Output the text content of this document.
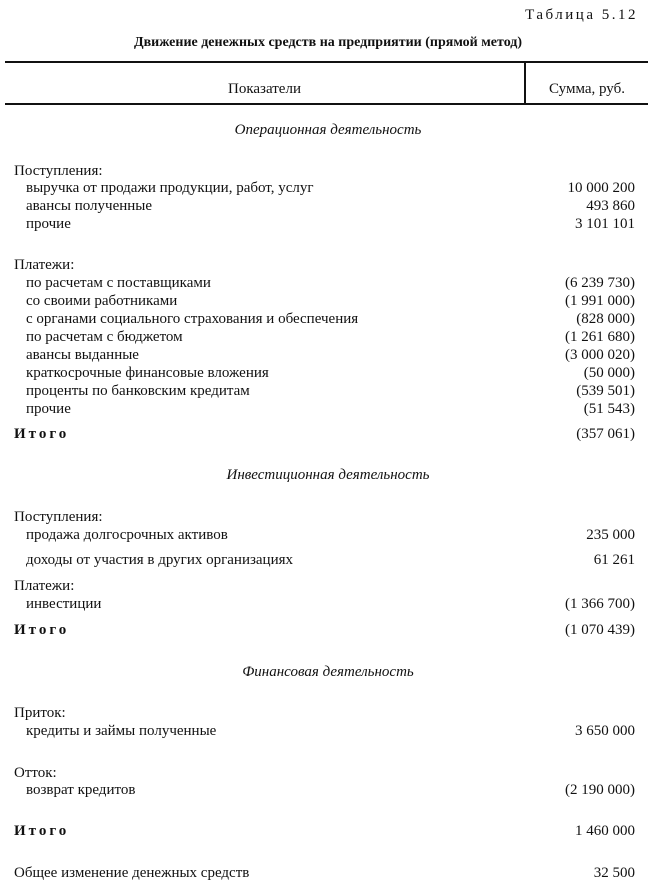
Таблица 5.12
Движение денежных средств на предприятии (прямой метод)
Показатели	Сумма, руб.
Операционная деятельность
Поступления:
выручка от продажи продукции, работ, услуг	10 000 200
авансы полученные	493 860
прочие	3 101 101
Платежи:
по расчетам с поставщиками	(6 239 730)
со своими работниками	(1 991 000)
с органами социального страхования и обеспечения	(828 000)
по расчетам с бюджетом	(1 261 680)
авансы выданные	(3 000 020)
краткосрочные финансовые вложения	(50 000)
проценты по банковским кредитам	(539 501)
прочие	(51 543)
Итого	(357 061)
Инвестиционная деятельность
Поступления:
продажа долгосрочных активов	235 000
доходы от участия в других организациях	61 261
Платежи:
инвестиции	(1 366 700)
Итого	(1 070 439)
Финансовая деятельность
Приток:
кредиты и займы полученные	3 650 000
Отток:
возврат кредитов	(2 190 000)
Итого	1 460 000
Общее изменение денежных средств	32 500
